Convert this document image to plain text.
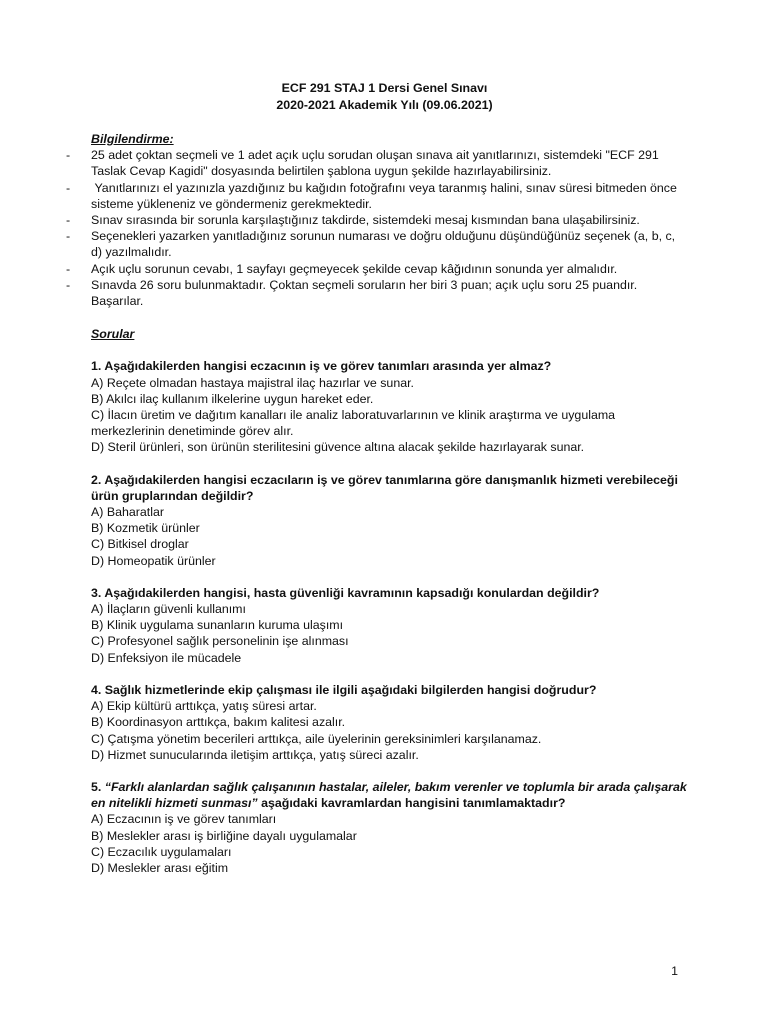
ECF 291 STAJ 1 Dersi Genel Sınavı
2020-2021 Akademik Yılı (09.06.2021)
Bilgilendirme:
- 25 adet çoktan seçmeli ve 1 adet açık uçlu sorudan oluşan sınava ait yanıtlarınızı, sistemdeki "ECF 291 Taslak Cevap Kagidi" dosyasında belirtilen şablona uygun şekilde hazırlayabilirsiniz.
- Yanıtlarınızı el yazınızla yazdığınız bu kağıdın fotoğrafını veya taranmış halini, sınav süresi bitmeden önce sisteme yükleneniz ve göndermeniz gerekmektedir.
- Sınav sırasında bir sorunla karşılaştığınız takdirde, sistemdeki mesaj kısmından bana ulaşabilirsiniz.
- Seçenekleri yazarken yanıtladığınız sorunun numarası ve doğru olduğunu düşündüğünüz seçenek (a, b, c, d) yazılmalıdır.
- Açık uçlu sorunun cevabı, 1 sayfayı geçmeyecek şekilde cevap kâğıdının sonunda yer almalıdır.
- Sınavda 26 soru bulunmaktadır. Çoktan seçmeli soruların her biri 3 puan; açık uçlu soru 25 puandır. Başarılar.
Sorular
1. Aşağıdakilerden hangisi eczacının iş ve görev tanımları arasında yer almaz?
A) Reçete olmadan hastaya majistral ilaç hazırlar ve sunar.
B) Akılcı ilaç kullanım ilkelerine uygun hareket eder.
C) İlacın üretim ve dağıtım kanalları ile analiz laboratuvarlarının ve klinik araştırma ve uygulama merkezlerinin denetiminde görev alır.
D) Steril ürünleri, son ürünün sterilitesini güvence altına alacak şekilde hazırlayarak sunar.
2. Aşağıdakilerden hangisi eczacıların iş ve görev tanımlarına göre danışmanlık hizmeti verebileceği ürün gruplarından değildir?
A) Baharatlar
B) Kozmetik ürünler
C) Bitkisel droglar
D) Homeopatik ürünler
3. Aşağıdakilerden hangisi, hasta güvenliği kavramının kapsadığı konulardan değildir?
A) İlaçların güvenli kullanımı
B) Klinik uygulama sunanların kuruma ulaşımı
C) Profesyonel sağlık personelinin işe alınması
D) Enfeksiyon ile mücadele
4. Sağlık hizmetlerinde ekip çalışması ile ilgili aşağıdaki bilgilerden hangisi doğrudur?
A) Ekip kültürü arttıkça, yatış süresi artar.
B) Koordinasyon arttıkça, bakım kalitesi azalır.
C) Çatışma yönetim becerileri arttıkça, aile üyelerinin gereksinimleri karşılanamaz.
D) Hizmet sunucularında iletişim arttıkça, yatış süreci azalır.
5. “Farklı alanlardan sağlık çalışanının hastalar, aileler, bakım verenler ve toplumla bir arada çalışarak en nitelikli hizmeti sunması” aşağıdaki kavramlardan hangisini tanımlamaktadır?
A) Eczacının iş ve görev tanımları
B) Meslekler arası iş birliğine dayalı uygulamalar
C) Eczacılık uygulamaları
D) Meslekler arası eğitim
1
